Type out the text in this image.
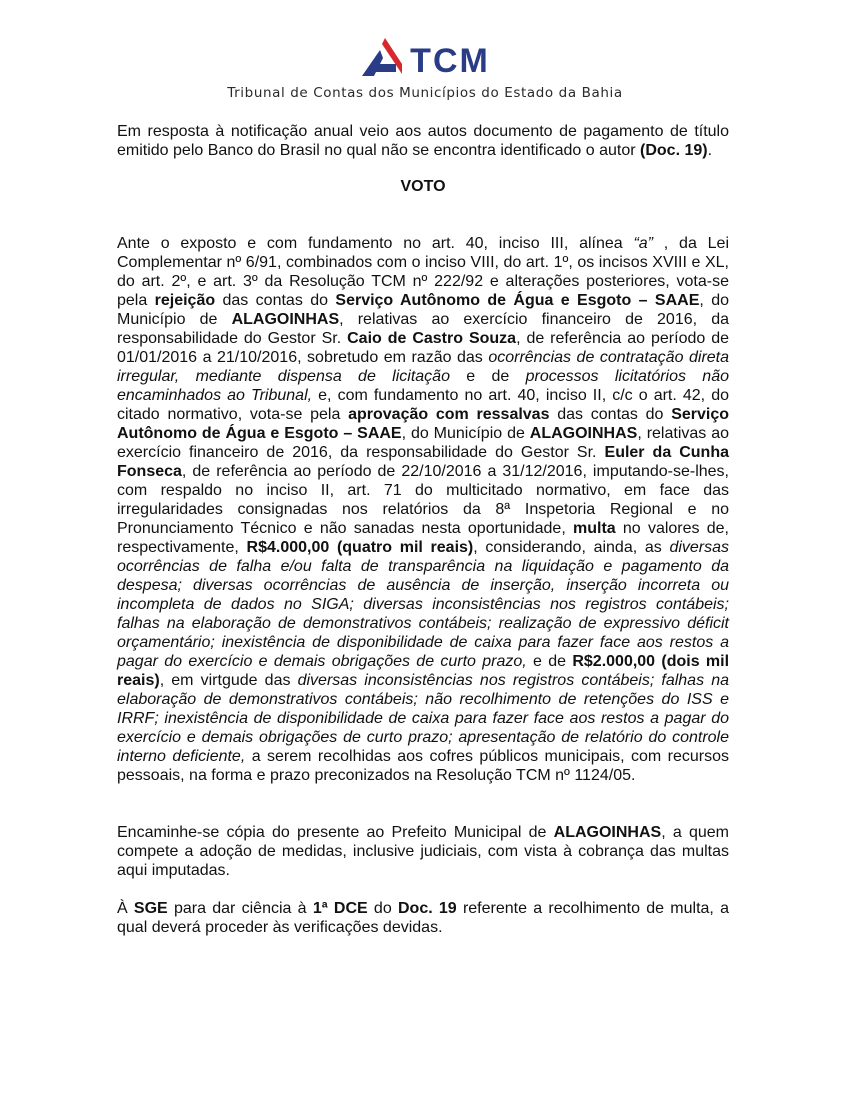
TCM
Tribunal de Contas dos Municípios do Estado da Bahia

Em resposta à notificação anual veio aos autos documento de pagamento de título emitido pelo Banco do Brasil no qual não se encontra identificado o autor (Doc. 19).

VOTO

Ante o exposto e com fundamento no art. 40, inciso III, alínea “a” , da Lei Complementar nº 6/91, combinados com o inciso VIII, do art. 1º, os incisos XVIII e XL, do art. 2º, e art. 3º da Resolução TCM nº 222/92 e alterações posteriores, vota-se pela rejeição das contas do Serviço Autônomo de Água e Esgoto – SAAE, do Município de ALAGOINHAS, relativas ao exercício financeiro de 2016, da responsabilidade do Gestor Sr. Caio de Castro Souza, de referência ao período de 01/01/2016 a 21/10/2016, sobretudo em razão das ocorrências de contratação direta irregular, mediante dispensa de licitação e de processos licitatórios não encaminhados ao Tribunal, e, com fundamento no art. 40, inciso II, c/c o art. 42, do citado normativo, vota-se pela aprovação com ressalvas das contas do Serviço Autônomo de Água e Esgoto – SAAE, do Município de ALAGOINHAS, relativas ao exercício financeiro de 2016, da responsabilidade do Gestor Sr. Euler da Cunha Fonseca, de referência ao período de 22/10/2016 a 31/12/2016, imputando-se-lhes, com respaldo no inciso II, art. 71 do multicitado normativo, em face das irregularidades consignadas nos relatórios da 8ª Inspetoria Regional e no Pronunciamento Técnico e não sanadas nesta oportunidade, multa no valores de, respectivamente, R$4.000,00 (quatro mil reais), considerando, ainda, as diversas ocorrências de falha e/ou falta de transparência na liquidação e pagamento da despesa; diversas ocorrências de ausência de inserção, inserção incorreta ou incompleta de dados no SIGA; diversas inconsistências nos registros contábeis; falhas na elaboração de demonstrativos contábeis; realização de expressivo déficit orçamentário; inexistência de disponibilidade de caixa para fazer face aos restos a pagar do exercício e demais obrigações de curto prazo, e de R$2.000,00 (dois mil reais), em virtgude das diversas inconsistências nos registros contábeis; falhas na elaboração de demonstrativos contábeis; não recolhimento de retenções do ISS e IRRF; inexistência de disponibilidade de caixa para fazer face aos restos a pagar do exercício e demais obrigações de curto prazo; apresentação de relatório do controle interno deficiente, a serem recolhidas aos cofres públicos municipais, com recursos pessoais, na forma e prazo preconizados na Resolução TCM nº 1124/05.

Encaminhe-se cópia do presente ao Prefeito Municipal de ALAGOINHAS, a quem compete a adoção de medidas, inclusive judiciais, com vista à cobrança das multas aqui imputadas.

À SGE para dar ciência à 1ª DCE do Doc. 19 referente a recolhimento de multa, a qual deverá proceder às verificações devidas.
